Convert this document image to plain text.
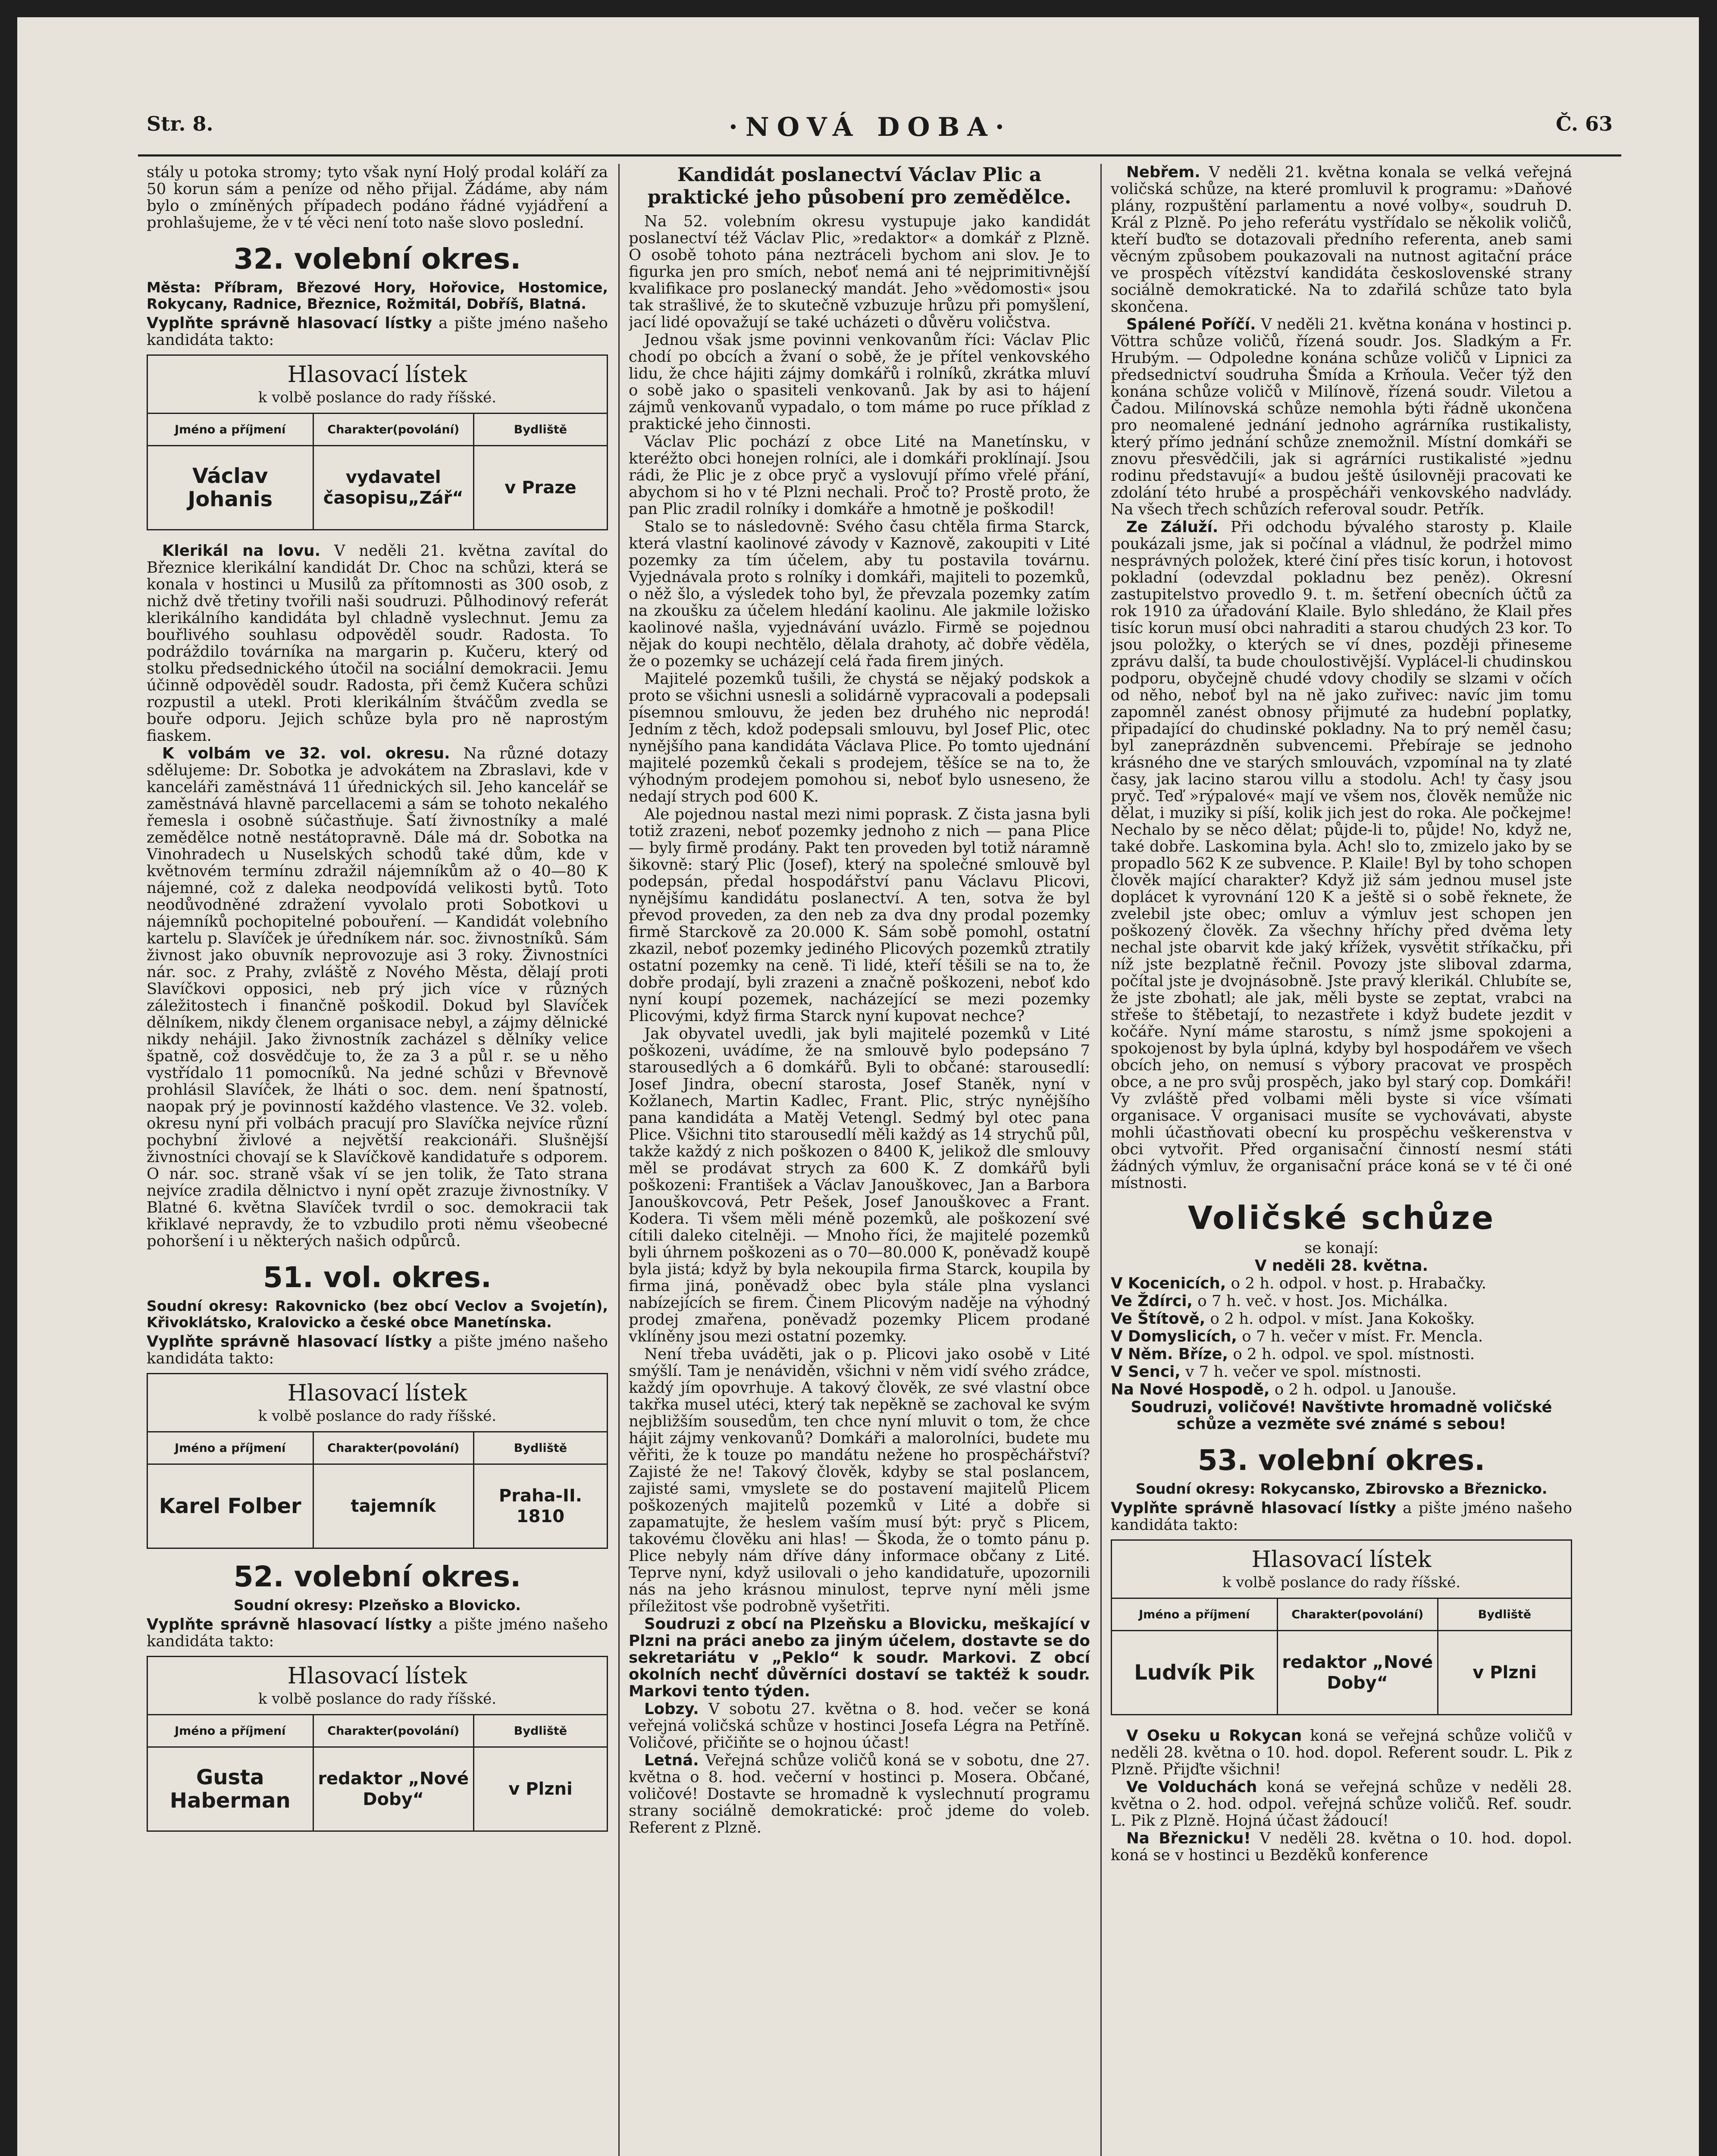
Str. 8.	·NOVÁ DOBA·	Č. 63

stály u potoka stromy; tyto však nyní Holý prodal koláří za 50 korun sám a peníze od něho přijal. Žádáme, aby nám bylo o zmíněných případech podáno řádné vyjádření a prohlašujeme, že v té věci není toto naše slovo poslední.

32. volební okres.

Města: Příbram, Březové Hory, Hořovice, Hostomice, Rokycany, Radnice, Březnice, Rožmitál, Dobříš, Blatná.

Vyplňte správně hlasovací lístky a pište jméno našeho kandidáta takto:

Hlasovací lístek
k volbě poslance do rady říšské.
Jméno a příjmení	Charakter(povolání)	Bydliště
Václav Johanis	vydavatel časopisu„Zář“	v Praze

Klerikál na lovu. V neděli 21. května zavítal do Březnice klerikální kandidát Dr. Choc na schůzi, která se konala v hostinci u Musilů za přítomnosti as 300 osob, z nichž dvě třetiny tvořili naši soudruzi. Půlhodinový referát klerikálního kandidáta byl chladně vyslechnut. Jemu za bouřlivého souhlasu odpověděl soudr. Radosta. To podráždilo továrníka na margarin p. Kučeru, který od stolku předsednického útočil na sociální demokracii. Jemu účinně odpověděl soudr. Radosta, při čemž Kučera schůzi rozpustil a utekl. Proti klerikálním štváčům zvedla se bouře odporu. Jejich schůze byla pro ně naprostým fiaskem.

K volbám ve 32. vol. okresu. Na různé dotazy sdělujeme: Dr. Sobotka je advokátem na Zbraslavi, kde v kanceláři zaměstnává 11 úřednických sil. Jeho kancelář se zaměstnává hlavně parcellacemi a sám se tohoto nekalého řemesla i osobně súčastňuje. Šatí živnostníky a malé zemědělce notně nestátopravně. Dále má dr. Sobotka na Vinohradech u Nuselských schodů také dům, kde v květnovém termínu zdražil nájemníkům až o 40—80 K nájemné, což z daleka neodpovídá velikosti bytů. Toto neodůvodněné zdražení vyvolalo proti Sobotkovi u nájemníků pochopitelné pobouření. — Kandidát volebního kartelu p. Slavíček je úředníkem nár. soc. živnostníků. Sám živnost jako obuvník neprovozuje asi 3 roky. Živnostníci nár. soc. z Prahy, zvláště z Nového Města, dělají proti Slavíčkovi opposici, neb prý jich více v různých záležitostech i finančně poškodil. Dokud byl Slavíček dělníkem, nikdy členem organisace nebyl, a zájmy dělnické nikdy nehájil. Jako živnostník zacházel s dělníky velice špatně, což dosvědčuje to, že za 3 a půl r. se u něho vystřídalo 11 pomocníků. Na jedné schůzi v Břevnově prohlásil Slavíček, že lháti o soc. dem. není špatností, naopak prý je povinností každého vlastence. Ve 32. voleb. okresu nyní při volbách pracují pro Slavíčka nejvíce různí pochybní živlové a největší reakcionáři. Slušnější živnostníci chovají se k Slavíčkově kandidatuře s odporem. O nár. soc. straně však ví se jen tolik, že Tato strana nejvíce zradila dělnictvo i nyní opět zrazuje živnostníky. V Blatné 6. května Slavíček tvrdil o soc. demokracii tak křiklavé nepravdy, že to vzbudilo proti němu všeobecné pohoršení i u některých našich odpůrců.

51. vol. okres.

Soudní okresy: Rakovnicko (bez obcí Veclov a Svojetín), Křivoklátsko, Kralovicko a české obce Manetínska.

Vyplňte správně hlasovací lístky a pište jméno našeho kandidáta takto:

Hlasovací lístek
k volbě poslance do rady říšské.
Jméno a příjmení	Charakter(povolání)	Bydliště
Karel Folber	tajemník	Praha-II. 1810
52. volební okres.

Soudní okresy: Plzeňsko a Blovicko.

Vyplňte správně hlasovací lístky a pište jméno našeho kandidáta takto:

Hlasovací lístek
k volbě poslance do rady říšské.
Jméno a příjmení	Charakter(povolání)	Bydliště
Gusta Haberman	redaktor „Nové Doby“	v Plzni
Kandidát poslanectví Václav Plic a praktické jeho působení pro zemědělce.

Na 52. volebním okresu vystupuje jako kandidát poslanectví též Václav Plic, »redaktor« a domkář z Plzně. O osobě tohoto pána neztráceli bychom ani slov. Je to figurka jen pro smích, neboť nemá ani té nejprimitivnější kvalifikace pro poslanecký mandát. Jeho »vědomosti« jsou tak strašlivé, že to skutečně vzbuzuje hrůzu při pomyšlení, jací lidé opovažují se také ucházeti o důvěru voličstva.

Jednou však jsme povinni venkovanům říci: Václav Plic chodí po obcích a žvaní o sobě, že je přítel venkovského lidu, že chce hájiti zájmy domkářů i rolníků, zkrátka mluví o sobě jako o spasiteli venkovanů. Jak by asi to hájení zájmů venkovanů vypadalo, o tom máme po ruce příklad z praktické jeho činnosti.

Václav Plic pochází z obce Lité na Manetínsku, v kteréžto obci honejen rolníci, ale i domkáři proklínají. Jsou rádi, že Plic je z obce pryč a vyslovují přímo vřelé přání, abychom si ho v té Plzni nechali. Proč to? Prostě proto, že pan Plic zradil rolníky i domkáře a hmotně je poškodil!

Stalo se to následovně: Svého času chtěla firma Starck, která vlastní kaolinové závody v Kaznově, zakoupiti v Lité pozemky za tím účelem, aby tu postavila továrnu. Vyjednávala proto s rolníky i domkáři, majiteli to pozemků, o něž šlo, a výsledek toho byl, že převzala pozemky zatím na zkoušku za účelem hledání kaolinu. Ale jakmile ložisko kaolinové našla, vyjednávání uvázlo. Firmě se pojednou nějak do koupi nechtělo, dělala drahoty, ač dobře věděla, že o pozemky se ucházejí celá řada firem jiných.

Majitelé pozemků tušili, že chystá se nějaký podskok a proto se všichni usnesli a solidárně vypracovali a podepsali písemnou smlouvu, že jeden bez druhého nic neprodá! Jedním z těch, kdož podepsali smlouvu, byl Josef Plic, otec nynějšího pana kandidáta Václava Plice. Po tomto ujednání majitelé pozemků čekali s prodejem, těšíce se na to, že výhodným prodejem pomohou si, neboť bylo usneseno, že nedají strych pod 600 K.

Ale pojednou nastal mezi nimi poprask. Z čista jasna byli totiž zrazeni, neboť pozemky jednoho z nich — pana Plice — byly firmě prodány. Pakt ten proveden byl totiž náramně šikovně: starý Plic (Josef), který na společné smlouvě byl podepsán, předal hospodářství panu Václavu Plicovi, nynějšímu kandidátu poslanectví. A ten, sotva že byl převod proveden, za den neb za dva dny prodal pozemky firmě Starckově za 20.000 K. Sám sobě pomohl, ostatní zkazil, neboť pozemky jediného Plicových pozemků ztratily ostatní pozemky na ceně. Ti lidé, kteří těšili se na to, že dobře prodají, byli zrazeni a značně poškozeni, neboť kdo nyní koupí pozemek, nacházející se mezi pozemky Plicovými, když firma Starck nyní kupovat nechce?

Jak obyvatel uvedli, jak byli majitelé pozemků v Lité poškozeni, uvádíme, že na smlouvě bylo podepsáno 7 starousedlých a 6 domkářů. Byli to občané: starousedlí: Josef Jindra, obecní starosta, Josef Staněk, nyní v Kožlanech, Martin Kadlec, Frant. Plic, strýc nynějšího pana kandidáta a Matěj Vetengl. Sedmý byl otec pana Plice. Všichni tito starousedlí měli každý as 14 strychů půl, takže každý z nich poškozen o 8400 K, jelikož dle smlouvy měl se prodávat strych za 600 K. Z domkářů byli poškozeni: František a Václav Janouškovec, Jan a Barbora Janouškovcová, Petr Pešek, Josef Janouškovec a Frant. Kodera. Ti všem měli méně pozemků, ale poškození své cítili daleko citelněji. — Mnoho říci, že majitelé pozemků byli úhrnem poškozeni as o 70—80.000 K, poněvadž koupě byla jistá; když by byla nekoupila firma Starck, koupila by firma jiná, poněvadž obec byla stále plna vyslanci nabízejících se firem. Činem Plicovým naděje na výhodný prodej zmařena, poněvadž pozemky Plicem prodané vklíněny jsou mezi ostatní pozemky.

Není třeba uváděti, jak o p. Plicovi jako osobě v Lité smýšlí. Tam je nenáviděn, všichni v něm vidí svého zrádce, každý jím opovrhuje. A takový člověk, ze své vlastní obce takřka musel utéci, který tak nepěkně se zachoval ke svým nejbližším sousedům, ten chce nyní mluvit o tom, že chce hájit zájmy venkovanů? Domkáři a malorolníci, budete mu věřiti, že k touze po mandátu nežene ho prospěchářství? Zajisté že ne! Takový člověk, kdyby se stal poslancem, zajisté sami, vmyslete se do postavení majitelů Plicem poškozených majitelů pozemků v Lité a dobře si zapamatujte, že heslem vaším musí být: pryč s Plicem, takovému člověku ani hlas! — Škoda, že o tomto pánu p. Plice nebyly nám dříve dány informace občany z Lité. Teprve nyní, když usilovali o jeho kandidatuře, upozornili nás na jeho krásnou minulost, teprve nyní měli jsme příležitost vše podrobně vyšetřiti.

Soudruzi z obcí na Plzeňsku a Blovicku, meškající v Plzni na práci anebo za jiným účelem, dostavte se do sekretariátu v „Peklo“ k soudr. Markovi. Z obcí okolních nechť důvěrníci dostaví se taktéž k soudr. Markovi tento týden.

Lobzy. V sobotu 27. května o 8. hod. večer se koná veřejná voličská schůze v hostinci Josefa Légra na Petříně. Voličové, přičiňte se o hojnou účast!

Letná. Veřejná schůze voličů koná se v sobotu, dne 27. května o 8. hod. večerní v hostinci p. Mosera. Občané, voličové! Dostavte se hromadně k vyslechnutí programu strany sociálně demokratické: proč jdeme do voleb. Referent z Plzně.

Nebřem. V neděli 21. května konala se velká veřejná voličská schůze, na které promluvil k programu: »Daňové plány, rozpuštění parlamentu a nové volby«, soudruh D. Král z Plzně. Po jeho referátu vystřídalo se několik voličů, kteří buďto se dotazovali předního referenta, aneb sami věcným způsobem poukazovali na nutnost agitační práce ve prospěch vítězství kandidáta československé strany sociálně demokratické. Na to zdařilá schůze tato byla skončena.

Spálené Poříčí. V neděli 21. května konána v hostinci p. Vöttra schůze voličů, řízená soudr. Jos. Sladkým a Fr. Hrubým. — Odpoledne konána schůze voličů v Lipnici za předsednictví soudruha Šmída a Krňoula. Večer týž den konána schůze voličů v Milínově, řízená soudr. Viletou a Čadou. Milínovská schůze nemohla býti řádně ukončena pro neomalené jednání jednoho agrárníka rustikalisty, který přímo jednání schůze znemožnil. Místní domkáři se znovu přesvědčili, jak si agrárníci rustikalisté »jednu rodinu představují« a budou ještě úsilovněji pracovati ke zdolání této hrubé a prospěcháři venkovského nadvlády. Na všech třech schůzích referoval soudr. Petřík.

Ze Záluží. Při odchodu bývalého starosty p. Klaile poukázali jsme, jak si počínal a vládnul, že podržel mimo nesprávných položek, které činí přes tisíc korun, i hotovost pokladní (odevzdal pokladnu bez peněz). Okresní zastupitelstvo provedlo 9. t. m. šetření obecních účtů za rok 1910 za úřadování Klaile. Bylo shledáno, že Klail přes tisíc korun musí obci nahraditi a starou chudých 23 kor. To jsou položky, o kterých se ví dnes, později přineseme zprávu další, ta bude choulostivější. Vyplácel-li chudinskou podporu, obyčejně chudé vdovy chodily se slzami v očích od něho, neboť byl na ně jako zuřivec: navíc jim tomu zapomněl zanést obnosy přijmuté za hudební poplatky, připadající do chudinské pokladny. Na to prý neměl času; byl zaneprázdněn subvencemi. Přebíraje se jednoho krásného dne ve starých smlouvách, vzpomínal na ty zlaté časy, jak lacino starou villu a stodolu. Ach! ty časy jsou pryč. Teď »rýpalové« mají ve všem nos, člověk nemůže nic dělat, i muziky si píší, kolik jich jest do roka. Ale počkejme! Nechalo by se něco dělat; půjde-li to, půjde! No, když ne, také dobře. Laskomina byla. Ach! slo to, zmizelo jako by se propadlo 562 K ze subvence. P. Klaile! Byl by toho schopen člověk mající charakter? Když již sám jednou musel jste doplácet k vyrovnání 120 K a ještě si o sobě řeknete, že zvelebil jste obec; omluv a výmluv jest schopen jen poškozený člověk. Za všechny hříchy před dvěma lety nechal jste obarvit kde jaký křížek, vysvětit stříkačku, při níž jste bezplatně řečnil. Povozy jste sliboval zdarma, počítal jste je dvojnásobně. Jste pravý klerikál. Chlubíte se, že jste zbohatl; ale jak, měli byste se zeptat, vrabci na střeše to štěbetají, to nezastřete i když budete jezdit v kočáře. Nyní máme starostu, s nímž jsme spokojeni a spokojenost by byla úplná, kdyby byl hospodářem ve všech obcích jeho, on nemusí s výbory pracovat ve prospěch obce, a ne pro svůj prospěch, jako byl starý cop. Domkáři! Vy zvláště před volbami měli byste si více všímati organisace. V organisaci musíte se vychovávati, abyste mohli účastňovati obecní ku prospěchu veškerenstva v obci vytvořit. Před organisační činností nesmí státi žádných výmluv, že organisační práce koná se v té či oné místnosti.

Voličské schůze

se konají:

V neděli 28. května.

V Kocenicích, o 2 h. odpol. v host. p. Hrabačky.

Ve Ždírci, o 7 h. več. v host. Jos. Michálka.

Ve Štítově, o 2 h. odpol. v míst. Jana Kokošky.

V Domyslicích, o 7 h. večer v míst. Fr. Mencla.

V Něm. Bříze, o 2 h. odpol. ve spol. místnosti.

V Senci, v 7 h. večer ve spol. místnosti.

Na Nové Hospodě, o 2 h. odpol. u Janouše.

Soudruzi, voličové! Navštivte hromadně voličské schůze a vezměte své známé s sebou!

53. volební okres.

Soudní okresy: Rokycansko, Zbirovsko a Březnicko.

Vyplňte správně hlasovací lístky a pište jméno našeho kandidáta takto:

Hlasovací lístek
k volbě poslance do rady říšské.
Jméno a příjmení	Charakter(povolání)	Bydliště
Ludvík Pik	redaktor „Nové Doby“	v Plzni

V Oseku u Rokycan koná se veřejná schůze voličů v neděli 28. května o 10. hod. dopol. Referent soudr. L. Pik z Plzně. Přijďte všichni!

Ve Volduchách koná se veřejná schůze v neděli 28. května o 2. hod. odpol. veřejná schůze voličů. Ref. soudr. L. Pik z Plzně. Hojná účast žádoucí!

Na Březnicku! V neděli 28. května o 10. hod. dopol. koná se v hostinci u Bezděků konference
